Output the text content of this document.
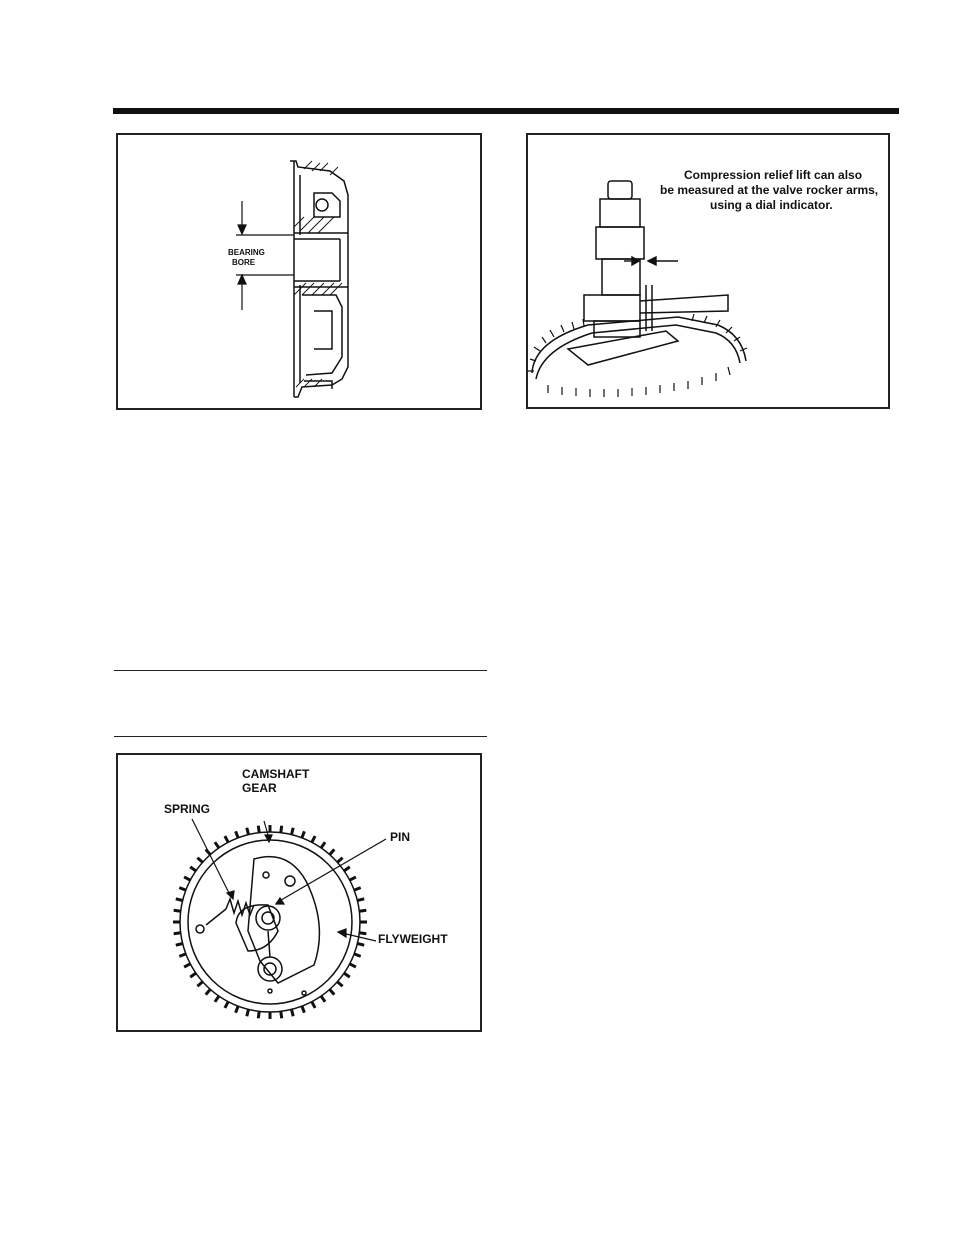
BEARING
BORE
Compression relief lift can also
be measured at the valve rocker arms,
using a dial indicator.
CAMSHAFT
GEAR
SPRING
PIN
FLYWEIGHT
